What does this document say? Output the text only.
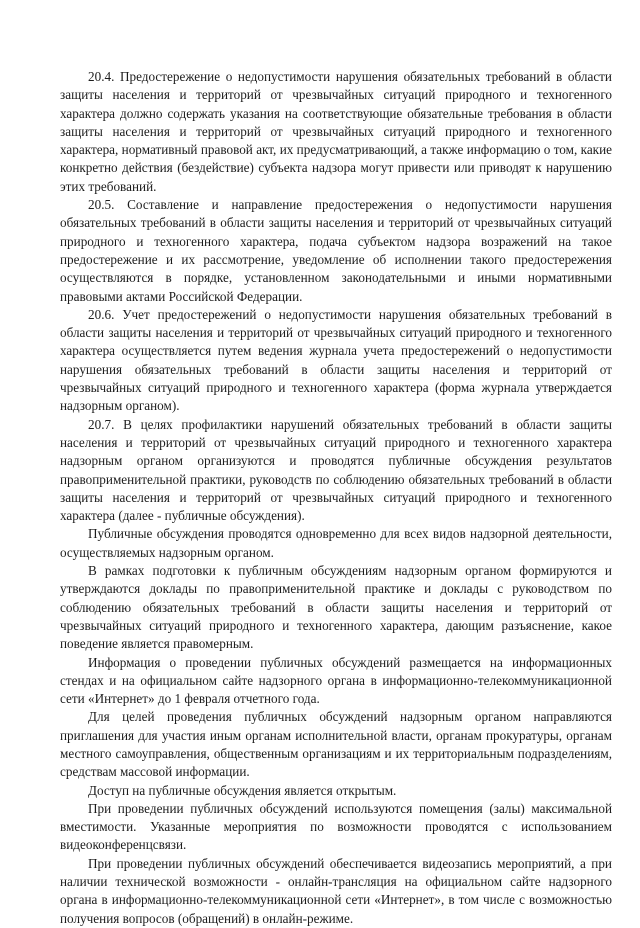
20.4. Предостережение о недопустимости нарушения обязательных требований в области защиты населения и территорий от чрезвычайных ситуаций природного и техногенного характера должно содержать указания на соответствующие обязательные требования в области защиты населения и территорий от чрезвычайных ситуаций природного и техногенного характера, нормативный правовой акт, их предусматривающий, а также информацию о том, какие конкретно действия (бездействие) субъекта надзора могут привести или приводят к нарушению этих требований.

20.5. Составление и направление предостережения о недопустимости нарушения обязательных требований в области защиты населения и территорий от чрезвычайных ситуаций природного и техногенного характера, подача субъектом надзора возражений на такое предостережение и их рассмотрение, уведомление об исполнении такого предостережения осуществляются в порядке, установленном законодательными и иными нормативными правовыми актами Российской Федерации.

20.6. Учет предостережений о недопустимости нарушения обязательных требований в области защиты населения и территорий от чрезвычайных ситуаций природного и техногенного характера осуществляется путем ведения журнала учета предостережений о недопустимости нарушения обязательных требований в области защиты населения и территорий от чрезвычайных ситуаций природного и техногенного характера (форма журнала утверждается надзорным органом).

20.7. В целях профилактики нарушений обязательных требований в области защиты населения и территорий от чрезвычайных ситуаций природного и техногенного характера надзорным органом организуются и проводятся публичные обсуждения результатов правоприменительной практики, руководств по соблюдению обязательных требований в области защиты населения и территорий от чрезвычайных ситуаций природного и техногенного характера (далее - публичные обсуждения).

Публичные обсуждения проводятся одновременно для всех видов надзорной деятельности, осуществляемых надзорным органом.

В рамках подготовки к публичным обсуждениям надзорным органом формируются и утверждаются доклады по правоприменительной практике и доклады с руководством по соблюдению обязательных требований в области защиты населения и территорий от чрезвычайных ситуаций природного и техногенного характера, дающим разъяснение, какое поведение является правомерным.

Информация о проведении публичных обсуждений размещается на информационных стендах и на официальном сайте надзорного органа в информационно-телекоммуникационной сети «Интернет» до 1 февраля отчетного года.

Для целей проведения публичных обсуждений надзорным органом направляются приглашения для участия иным органам исполнительной власти, органам прокуратуры, органам местного самоуправления, общественным организациям и их территориальным подразделениям, средствам массовой информации.

Доступ на публичные обсуждения является открытым.

При проведении публичных обсуждений используются помещения (залы) максимальной вместимости. Указанные мероприятия по возможности проводятся с использованием видеоконференцсвязи.

При проведении публичных обсуждений обеспечивается видеозапись мероприятий, а при наличии технической возможности - онлайн-трансляция на официальном сайте надзорного органа в информационно-телекоммуникационной сети «Интернет», в том числе с возможностью получения вопросов (обращений) в онлайн-режиме.
